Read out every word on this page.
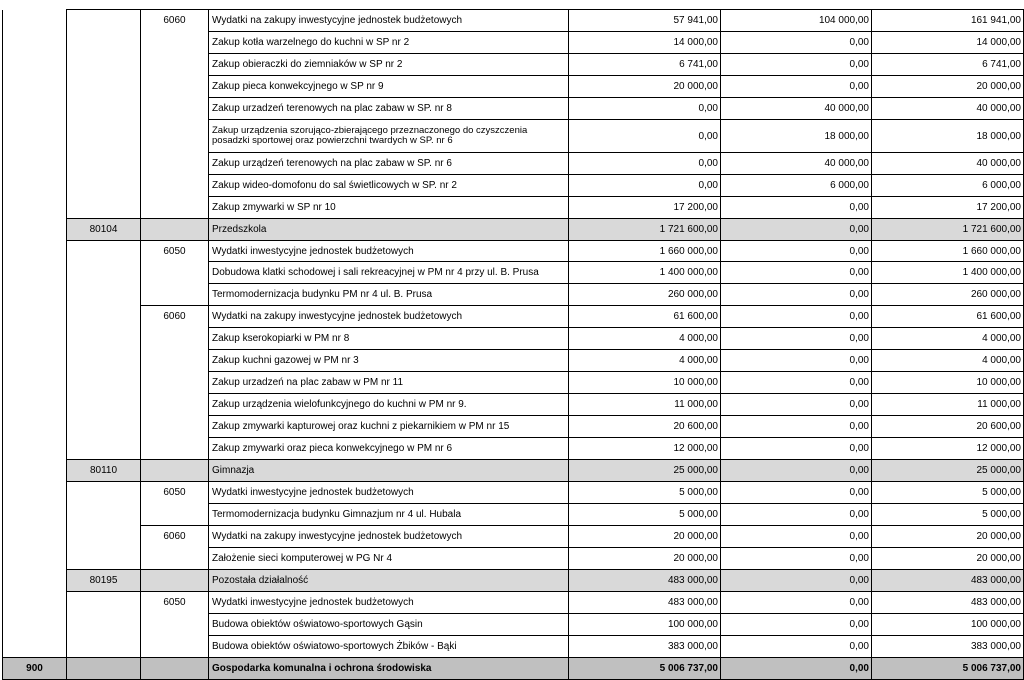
		6060	Wydatki na zakupy inwestycyjne jednostek budżetowych	57 941,00	104 000,00	161 941,00
			Zakup kotła warzelnego do kuchni w SP nr 2	14 000,00	0,00	14 000,00
			Zakup obieraczki do ziemniaków w SP nr 2	6 741,00	0,00	6 741,00
			Zakup pieca konwekcyjnego w SP nr 9	20 000,00	0,00	20 000,00
			Zakup urzadzeń terenowych na plac zabaw w SP. nr 8	0,00	40 000,00	40 000,00
			Zakup urządzenia szorująco-zbierającego przeznaczonego do czyszczenia posadzki sportowej oraz powierzchni twardych w SP. nr 6	0,00	18 000,00	18 000,00
			Zakup urządzeń terenowych na plac zabaw w SP. nr 6	0,00	40 000,00	40 000,00
			Zakup wideo-domofonu do sal świetlicowych w SP. nr 2	0,00	6 000,00	6 000,00
			Zakup zmywarki w SP nr 10	17 200,00	0,00	17 200,00
	80104		Przedszkola	1 721 600,00	0,00	1 721 600,00
		6050	Wydatki inwestycyjne jednostek budżetowych	1 660 000,00	0,00	1 660 000,00
			Dobudowa klatki schodowej i sali rekreacyjnej w PM nr 4 przy ul. B. Prusa	1 400 000,00	0,00	1 400 000,00
			Termomodernizacja budynku PM nr 4 ul. B. Prusa	260 000,00	0,00	260 000,00
		6060	Wydatki na zakupy inwestycyjne jednostek budżetowych	61 600,00	0,00	61 600,00
			Zakup kserokopiarki w PM nr 8	4 000,00	0,00	4 000,00
			Zakup kuchni gazowej w PM nr 3	4 000,00	0,00	4 000,00
			Zakup urzadzeń na plac zabaw w PM nr 11	10 000,00	0,00	10 000,00
			Zakup urządzenia wielofunkcyjnego do kuchni w PM nr 9.	11 000,00	0,00	11 000,00
			Zakup zmywarki kapturowej oraz kuchni z piekarnikiem w PM nr 15	20 600,00	0,00	20 600,00
			Zakup zmywarki oraz pieca konwekcyjnego w PM nr 6	12 000,00	0,00	12 000,00
	80110		Gimnazja	25 000,00	0,00	25 000,00
		6050	Wydatki inwestycyjne jednostek budżetowych	5 000,00	0,00	5 000,00
			Termomodernizacja budynku Gimnazjum nr 4 ul. Hubala	5 000,00	0,00	5 000,00
		6060	Wydatki na zakupy inwestycyjne jednostek budżetowych	20 000,00	0,00	20 000,00
			Założenie sieci komputerowej w PG Nr 4	20 000,00	0,00	20 000,00
	80195		Pozostała działalność	483 000,00	0,00	483 000,00
		6050	Wydatki inwestycyjne jednostek budżetowych	483 000,00	0,00	483 000,00
			Budowa obiektów oświatowo-sportowych Gąsin	100 000,00	0,00	100 000,00
			Budowa obiektów oświatowo-sportowych Żbików - Bąki	383 000,00	0,00	383 000,00
900			Gospodarka komunalna i ochrona środowiska	5 006 737,00	0,00	5 006 737,00
